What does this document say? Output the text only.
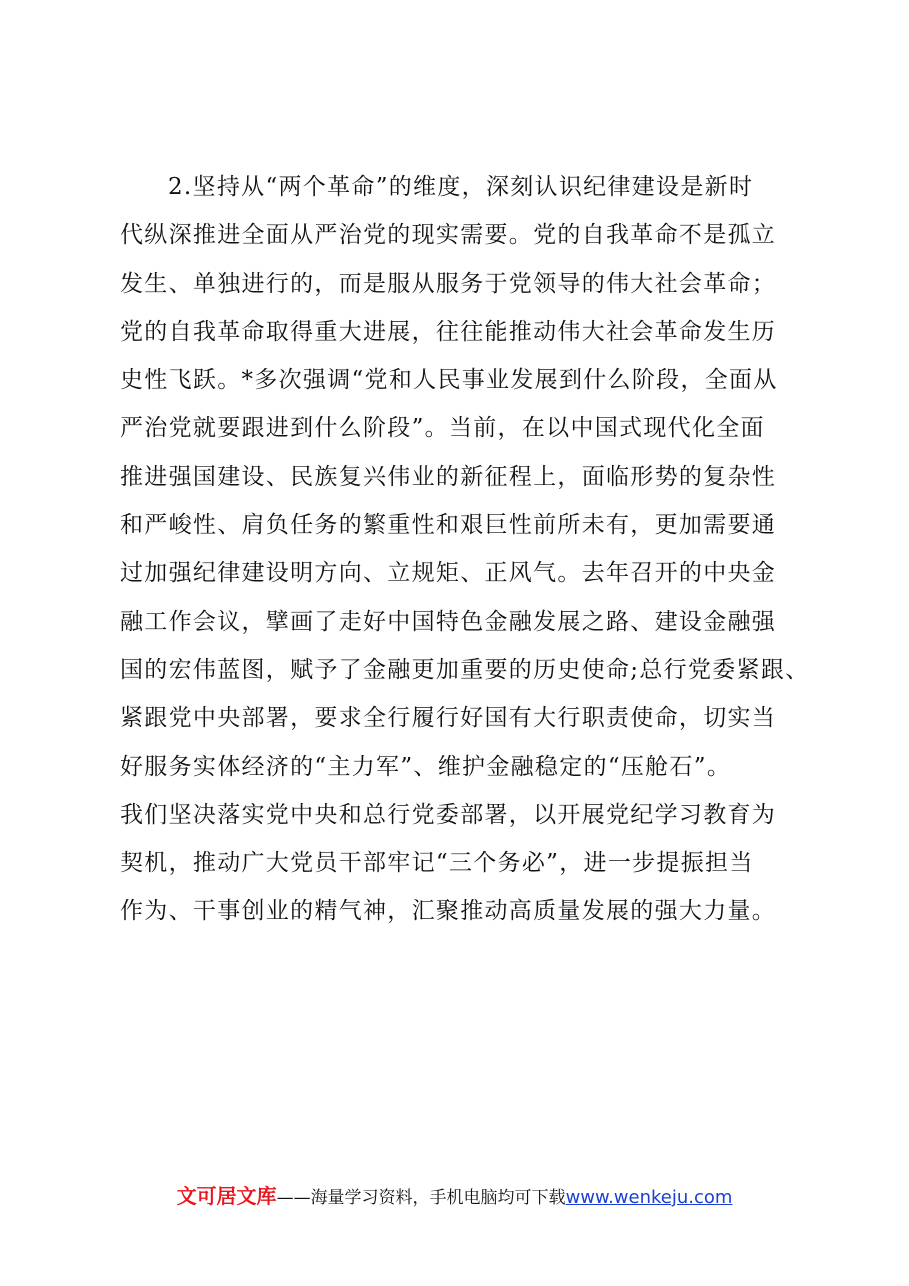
2.坚持从“两个革命”的维度，深刻认识纪律建设是新时
代纵深推进全面从严治党的现实需要。党的自我革命不是孤立
发生、单独进行的，而是服从服务于党领导的伟大社会革命；
党的自我革命取得重大进展，往往能推动伟大社会革命发生历
史性飞跃。*多次强调“党和人民事业发展到什么阶段，全面从
严治党就要跟进到什么阶段”。当前，在以中国式现代化全面
推进强国建设、民族复兴伟业的新征程上，面临形势的复杂性
和严峻性、肩负任务的繁重性和艰巨性前所未有，更加需要通
过加强纪律建设明方向、立规矩、正风气。去年召开的中央金
融工作会议，擘画了走好中国特色金融发展之路、建设金融强
国的宏伟蓝图，赋予了金融更加重要的历史使命;总行党委紧跟、
紧跟党中央部署，要求全行履行好国有大行职责使命，切实当
好服务实体经济的“主力军”、维护金融稳定的“压舱石”。
我们坚决落实党中央和总行党委部署，以开展党纪学习教育为
契机，推动广大党员干部牢记“三个务必”，进一步提振担当
作为、干事创业的精气神，汇聚推动高质量发展的强大力量。
文可居文库——海量学习资料，手机电脑均可下载www.wenkeju.com
